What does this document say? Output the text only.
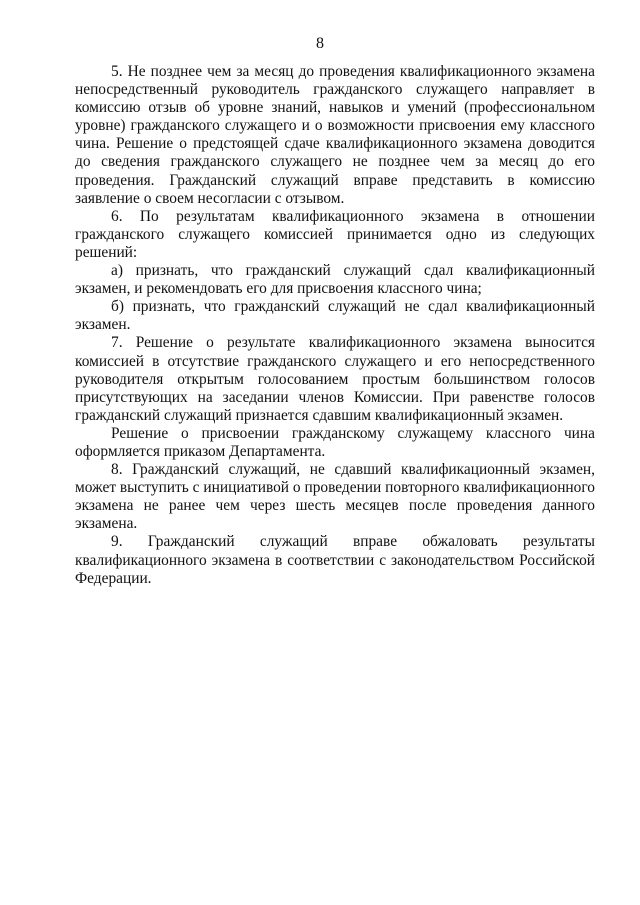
8

5. Не позднее чем за месяц до проведения квалификационного экзамена непосредственный руководитель гражданского служащего направляет в комиссию отзыв об уровне знаний, навыков и умений (профессиональном уровне) гражданского служащего и о возможности присвоения ему классного чина. Решение о предстоящей сдаче квалификационного экзамена доводится до сведения гражданского служащего не позднее чем за месяц до его проведения. Гражданский служащий вправе представить в комиссию заявление о своем несогласии с отзывом.

6. По результатам квалификационного экзамена в отношении гражданского служащего комиссией принимается одно из следующих решений:

а) признать, что гражданский служащий сдал квалификационный экзамен, и рекомендовать его для присвоения классного чина;

б) признать, что гражданский служащий не сдал квалификационный экзамен.

7. Решение о результате квалификационного экзамена выносится комиссией в отсутствие гражданского служащего и его непосредственного руководителя открытым голосованием простым большинством голосов присутствующих на заседании членов Комиссии. При равенстве голосов гражданский служащий признается сдавшим квалификационный экзамен.

Решение о присвоении гражданскому служащему классного чина оформляется приказом Департамента.

8. Гражданский служащий, не сдавший квалификационный экзамен, может выступить с инициативой о проведении повторного квалификационного экзамена не ранее чем через шесть месяцев после проведения данного экзамена.

9. Гражданский служащий вправе обжаловать результаты квалификационного экзамена в соответствии с законодательством Российской Федерации.
